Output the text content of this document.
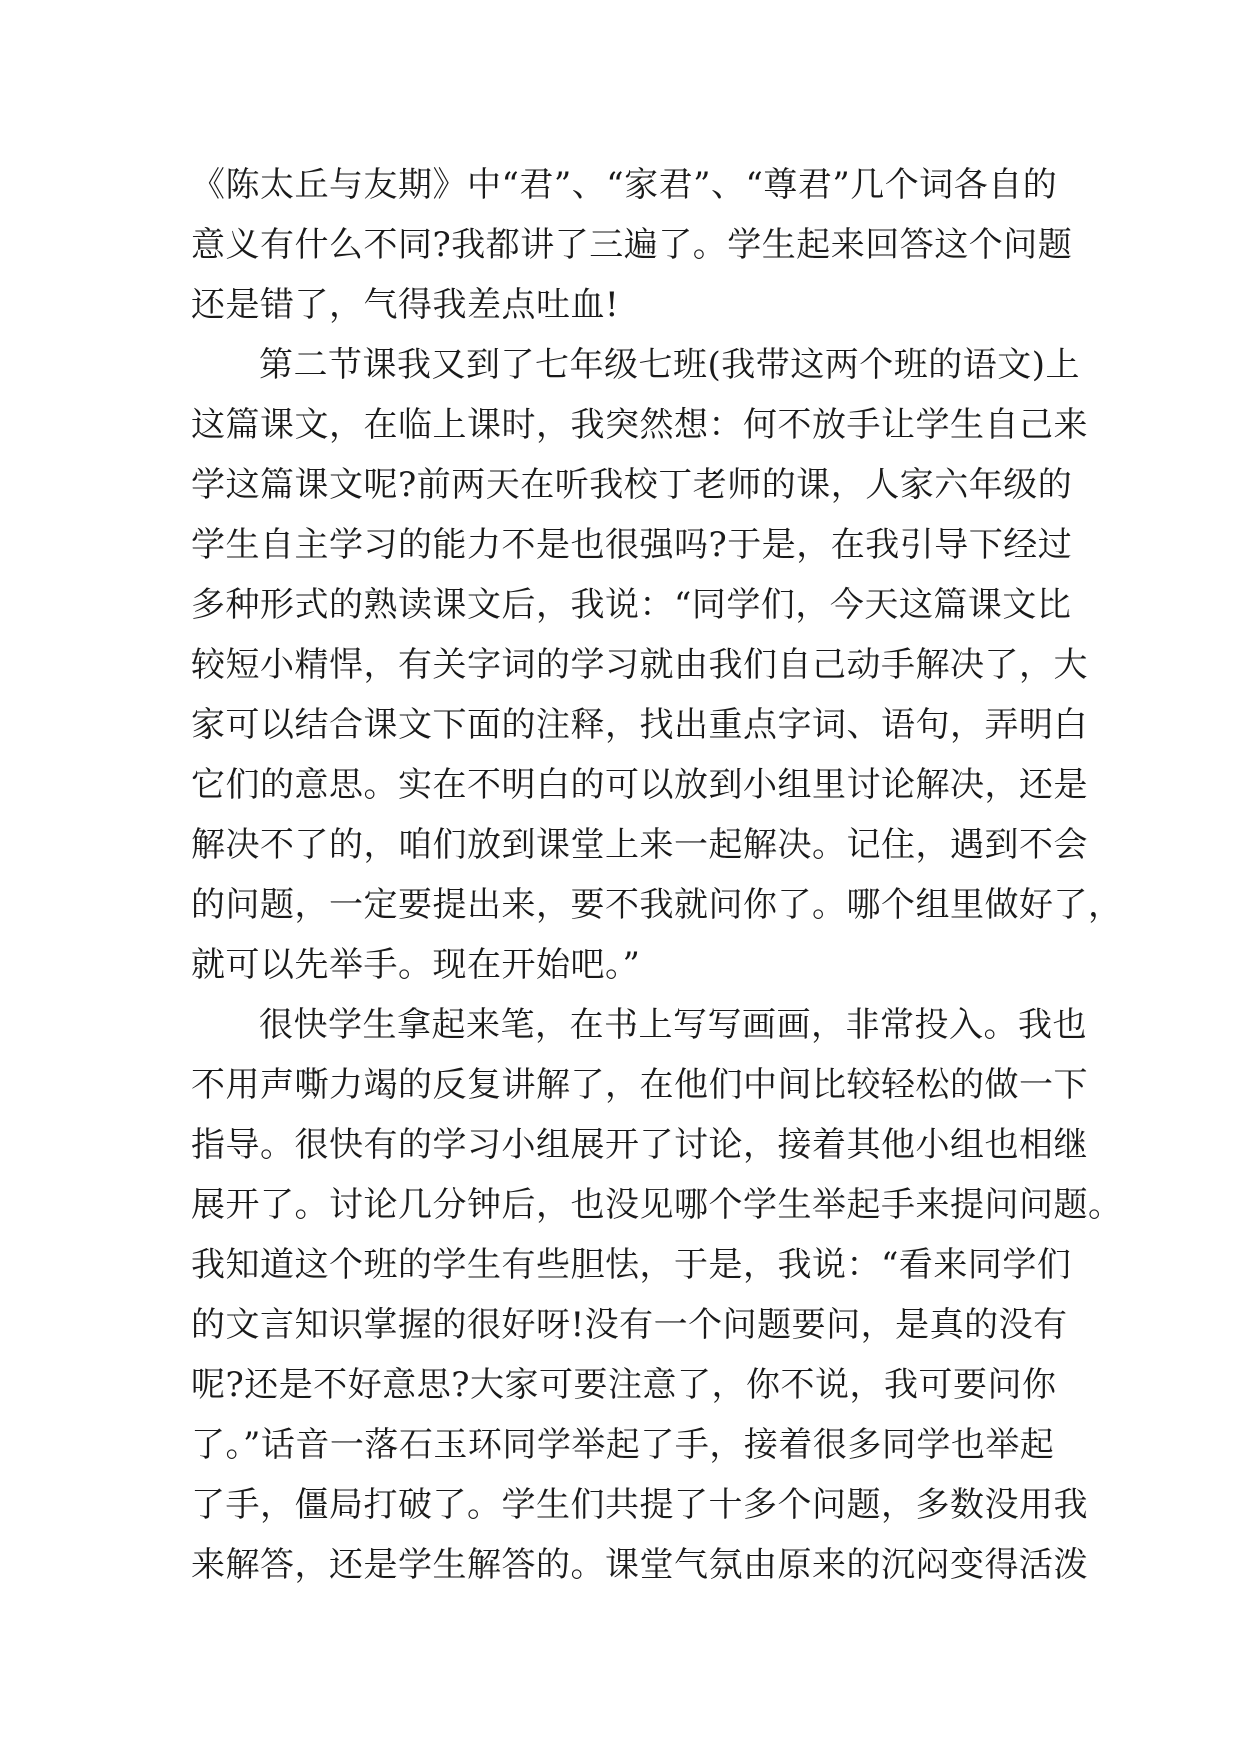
《陈太丘与友期》中“君”、“家君”、“尊君”几个词各自的
意义有什么不同?我都讲了三遍了。学生起来回答这个问题
还是错了，气得我差点吐血!
第二节课我又到了七年级七班(我带这两个班的语文)上
这篇课文，在临上课时，我突然想：何不放手让学生自己来
学这篇课文呢?前两天在听我校丁老师的课，人家六年级的
学生自主学习的能力不是也很强吗?于是，在我引导下经过
多种形式的熟读课文后，我说：“同学们，今天这篇课文比
较短小精悍，有关字词的学习就由我们自己动手解决了，大
家可以结合课文下面的注释，找出重点字词、语句，弄明白
它们的意思。实在不明白的可以放到小组里讨论解决，还是
解决不了的，咱们放到课堂上来一起解决。记住，遇到不会
的问题，一定要提出来，要不我就问你了。哪个组里做好了，
就可以先举手。现在开始吧。”
很快学生拿起来笔，在书上写写画画，非常投入。我也
不用声嘶力竭的反复讲解了，在他们中间比较轻松的做一下
指导。很快有的学习小组展开了讨论，接着其他小组也相继
展开了。讨论几分钟后，也没见哪个学生举起手来提问问题。
我知道这个班的学生有些胆怯，于是，我说：“看来同学们
的文言知识掌握的很好呀!没有一个问题要问，是真的没有
呢?还是不好意思?大家可要注意了，你不说，我可要问你
了。”话音一落石玉环同学举起了手，接着很多同学也举起
了手，僵局打破了。学生们共提了十多个问题，多数没用我
来解答，还是学生解答的。课堂气氛由原来的沉闷变得活泼
